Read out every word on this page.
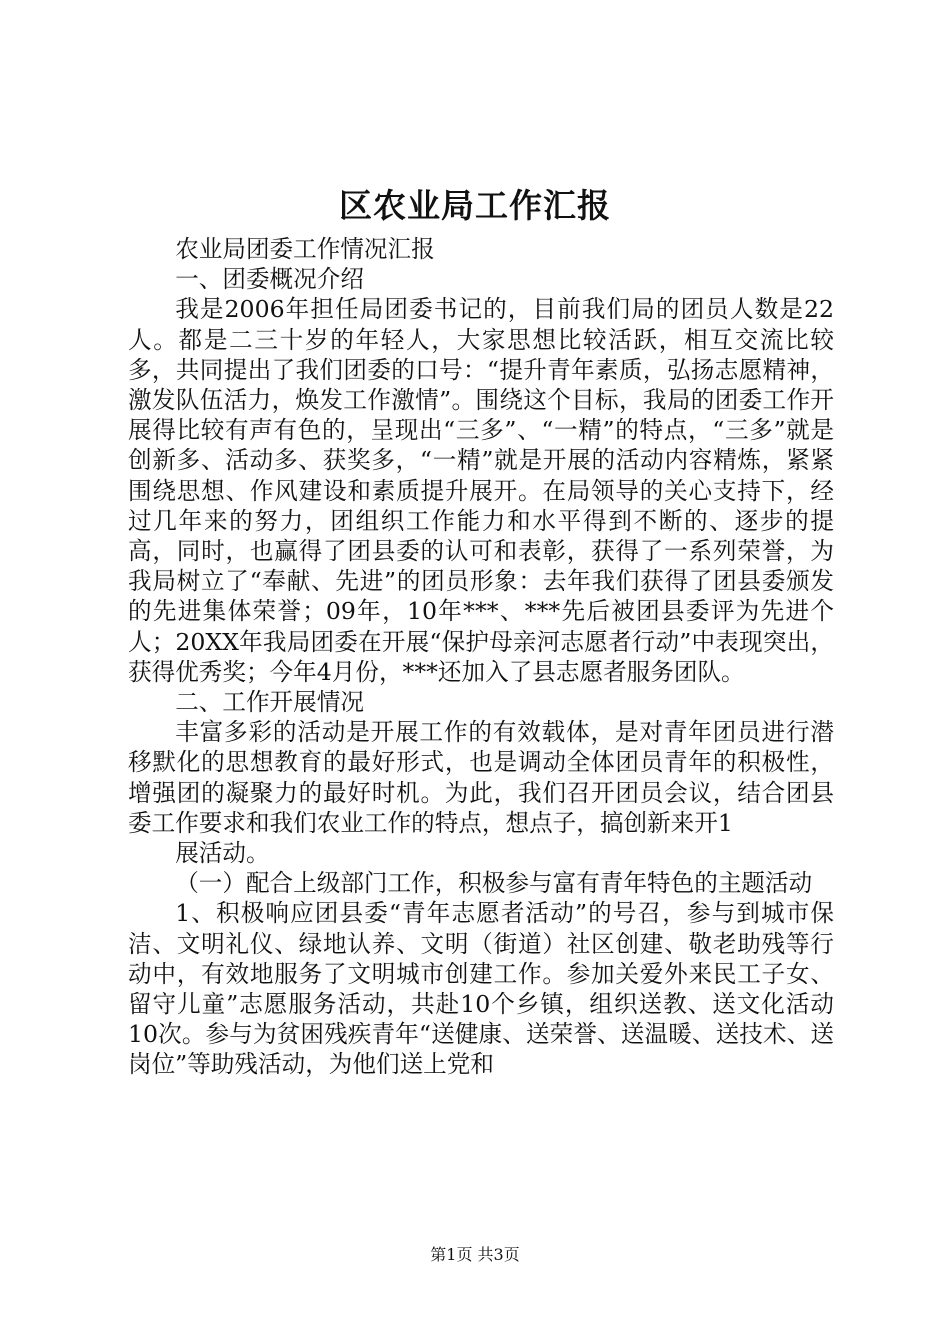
区农业局工作汇报

农业局团委工作情况汇报

一、团委概况介绍

我是2006年担任局团委书记的，目前我们局的团员人数是22人。都是二三十岁的年轻人，大家思想比较活跃，相互交流比较多，共同提出了我们团委的口号：“提升青年素质，弘扬志愿精神，激发队伍活力，焕发工作激情”。围绕这个目标，我局的团委工作开展得比较有声有色的，呈现出“三多”、“一精”的特点，“三多”就是创新多、活动多、获奖多，“一精”就是开展的活动内容精炼，紧紧围绕思想、作风建设和素质提升展开。在局领导的关心支持下，经过几年来的努力，团组织工作能力和水平得到不断的、逐步的提高，同时，也赢得了团县委的认可和表彰，获得了一系列荣誉，为我局树立了“奉献、先进”的团员形象：去年我们获得了团县委颁发的先进集体荣誉；09年，10年***、***先后被团县委评为先进个人；20XX年我局团委在开展“保护母亲河志愿者行动”中表现突出，获得优秀奖；今年4月份，***还加入了县志愿者服务团队。

二、工作开展情况

丰富多彩的活动是开展工作的有效载体，是对青年团员进行潜移默化的思想教育的最好形式，也是调动全体团员青年的积极性，增强团的凝聚力的最好时机。为此，我们召开团员会议，结合团县委工作要求和我们农业工作的特点，想点子，搞创新来开1

展活动。

（一）配合上级部门工作，积极参与富有青年特色的主题活动

1、积极响应团县委“青年志愿者活动”的号召，参与到城市保洁、文明礼仪、绿地认养、文明（街道）社区创建、敬老助残等行动中，有效地服务了文明城市创建工作。参加关爱外来民工子女、留守儿童”志愿服务活动，共赴10个乡镇，组织送教、送文化活动10次。参与为贫困残疾青年“送健康、送荣誉、送温暖、送技术、送岗位”等助残活动，为他们送上党和

第1页 共3页
